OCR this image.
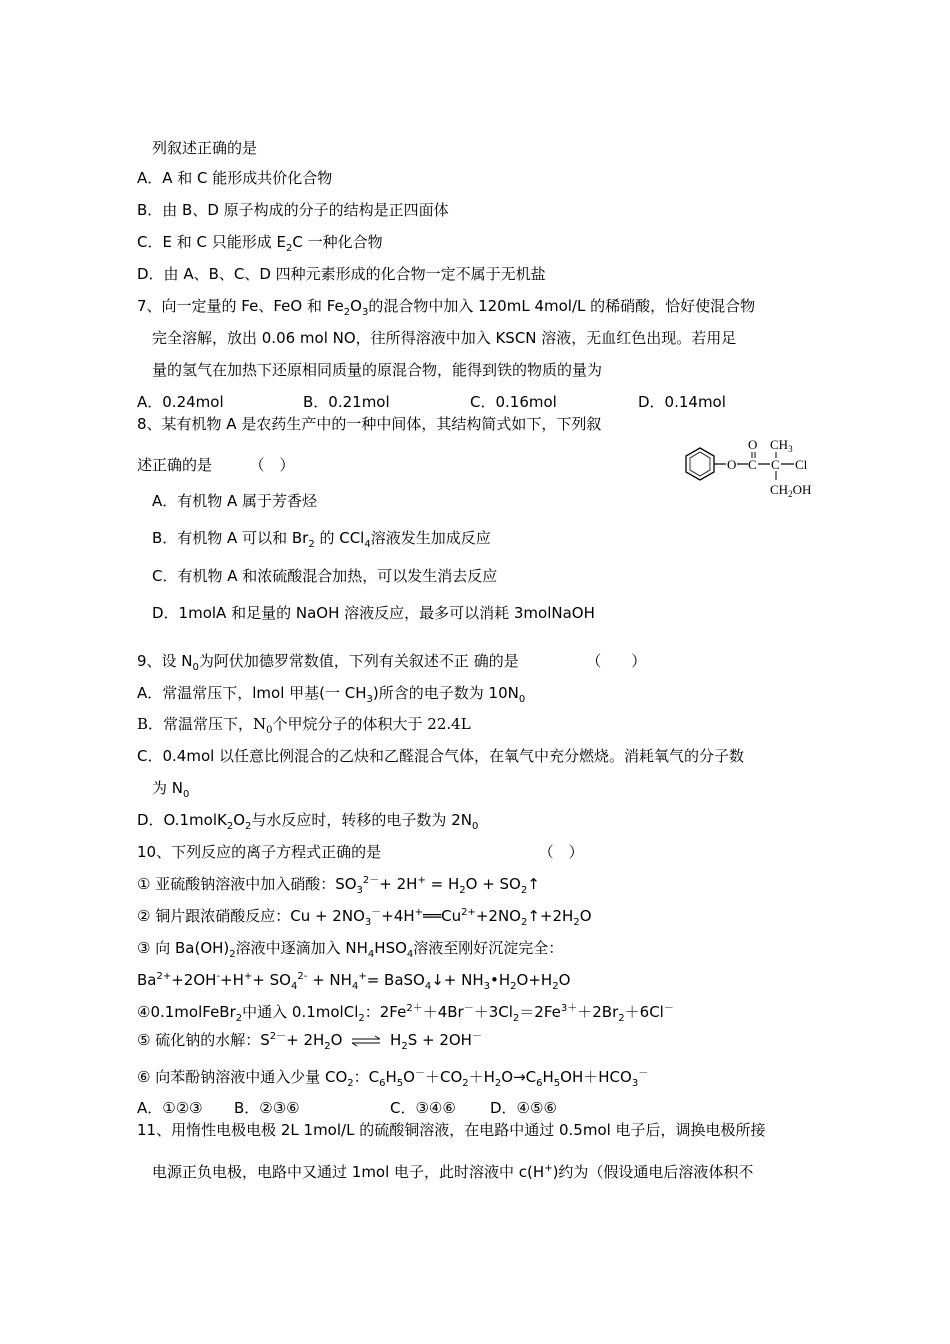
列叙述正确的是
A．A 和 C 能形成共价化合物
B．由 B、D 原子构成的分子的结构是正四面体
C．E 和 C 只能形成 $E_2C$ 一种化合物
D．由 A、B、C、D 四种元素形成的化合物一定不属于无机盐
7、向一定量的 Fe、FeO 和 $Fe_2O_3$的混合物中加入 120mL 4mol/L 的稀硝酸，恰好使混合物
完全溶解，放出 0.06 mol NO，往所得溶液中加入 KSCN 溶液，无血红色出现。若用足
量的氢气在加热下还原相同质量的原混合物，能得到铁的物质的量为
A．0.24mol	B．0.21mol	C．0.16mol	D．0.14mol
8、某有机物 A 是农药生产中的一种中间体，其结构简式如下，下列叙
述正确的是　　　（　）	O C
O
C
$CH_3$
Cl
$CH_2OH$
A．有机物 A 属于芳香烃
B．有机物 A 可以和 $Br_2$ 的 CCl$_4$溶液发生加成反应
C．有机物 A 和浓硫酸混合加热，可以发生消去反应
D．1molA 和足量的 NaOH 溶液反应，最多可以消耗 3molNaOH
9、设 $N_0$为阿伏加德罗常数值，下列有关叙述不正 确的是　　　　　（　　）
A．常温常压下，lmol 甲基(一 $CH_3$)所含的电子数为 $10N_0$
B．常温常压下，$N_0$个甲烷分子的体积大于 22.4L
C．0.4mol 以任意比例混合的乙炔和乙醛混合气体，在氧气中充分燃烧。消耗氧气的分子数
为 $N_0$
D．$O.1molK_2O_2$与水反应时，转移的电子数为 $2N_0$
10、下列反应的离子方程式正确的是　　　　　　　　　　　（　）
① 亚硫酸钠溶液中加入硝酸：$SO_3^{2-}+ 2H^+ = H_2O$ + $SO_2↑$
② 铜片跟浓硝酸反应：$Cu + 2NO_3^-+4H^+══Cu^{2+}+2NO_2↑+2H_2O$
③ 向 $Ba(OH)_2$溶液中逐滴加入 $NH_4HSO_4$溶液至刚好沉淀完全：
$Ba^{2+}+2OH^-+H^++ SO_4^{2-} + NH_4^+=$ BaSO$_4$↓+ $NH_3•H_2O+H_2O$
④0.1molFeBr$_2$中通入 0.1molCl$_2$：$2Fe^{2+}+4Br^-+3Cl_2=2Fe^{3+}+2Br_2+6Cl^-$
⑤ 硫化钠的水解：$S^{2-}+ 2H_2O$ ⇌ $H_2S + 2OH^-$
⑥ 向苯酚钠溶液中通入少量 $CO_2$：$C_6H_5O^-+CO_2+H_2O\to C_6H_5OH+HCO_3^-$
A．①②③ B．②③⑥	C．③④⑥ D．④⑤⑥
11、用惰性电极电极 2L 1mol/L 的硫酸铜溶液，在电路中通过 0.5mol 电子后，调换电极所接
电源正负电极，电路中又通过 1mol 电子，此时溶液中 c(H+)约为（假设通电后溶液体积不
